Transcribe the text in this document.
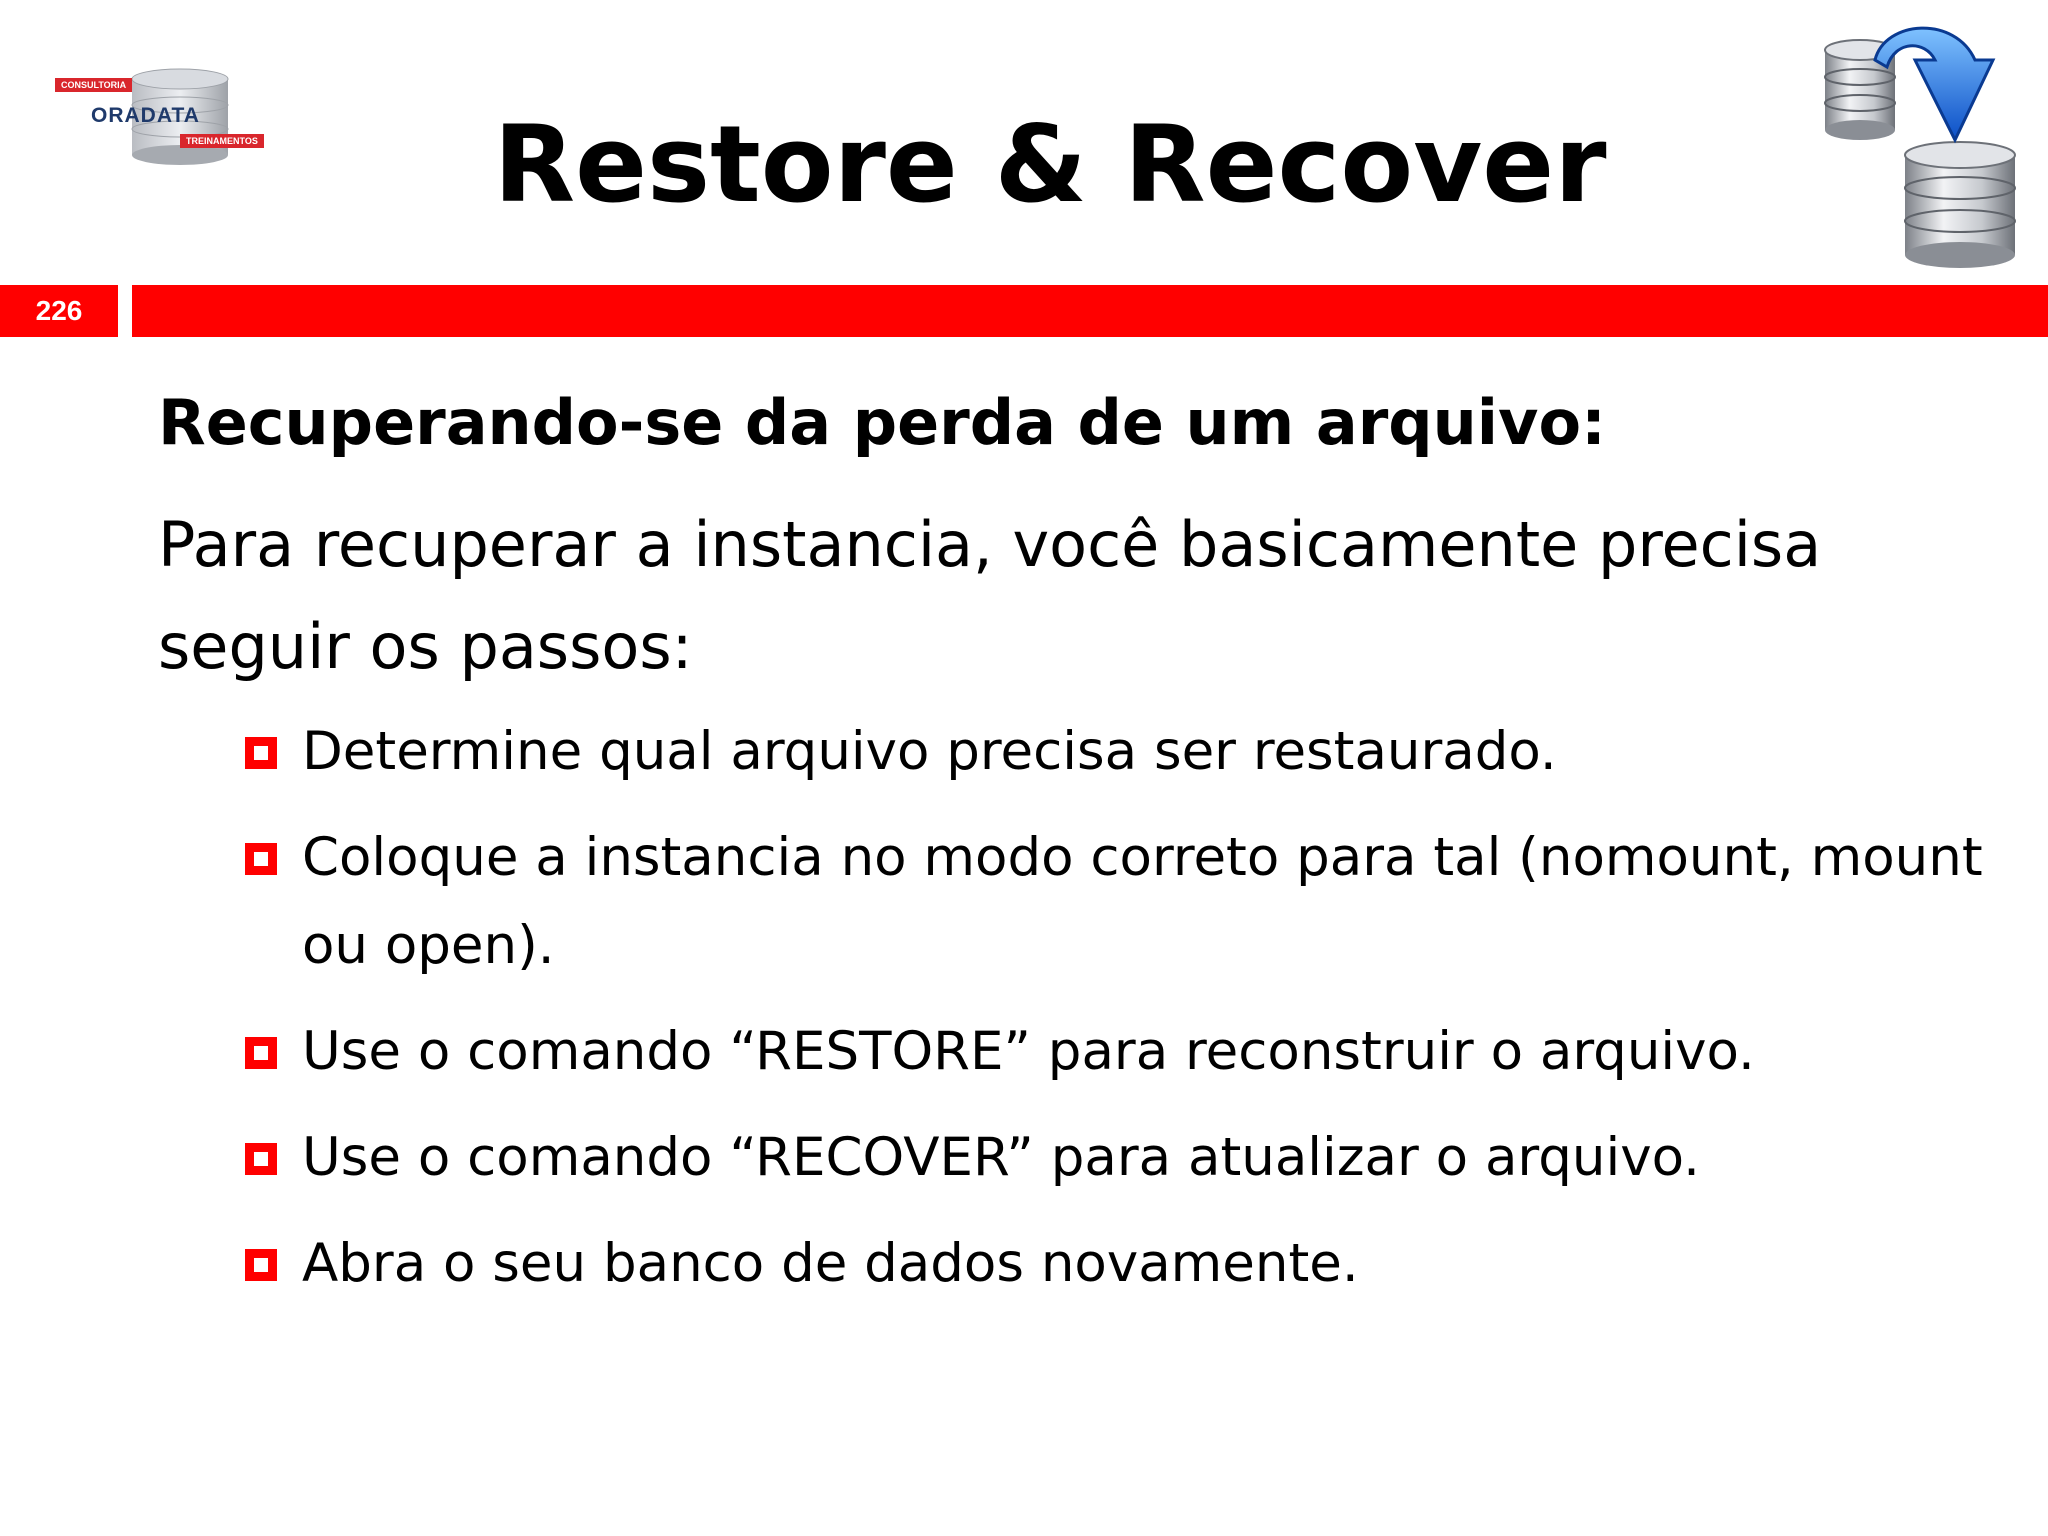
CONSULTORIA
ORADATA
TREINAMENTOS	Restore & Recover
226
Recuperando-se da perda de um arquivo:
Para recuperar a instancia, você basicamente precisa seguir os passos:
Determine qual arquivo precisa ser restaurado.
Coloque a instancia no modo correto para tal (nomount, mount ou open).
Use o comando “RESTORE” para reconstruir o arquivo.
Use o comando “RECOVER” para atualizar o arquivo.
Abra o seu banco de dados novamente.
